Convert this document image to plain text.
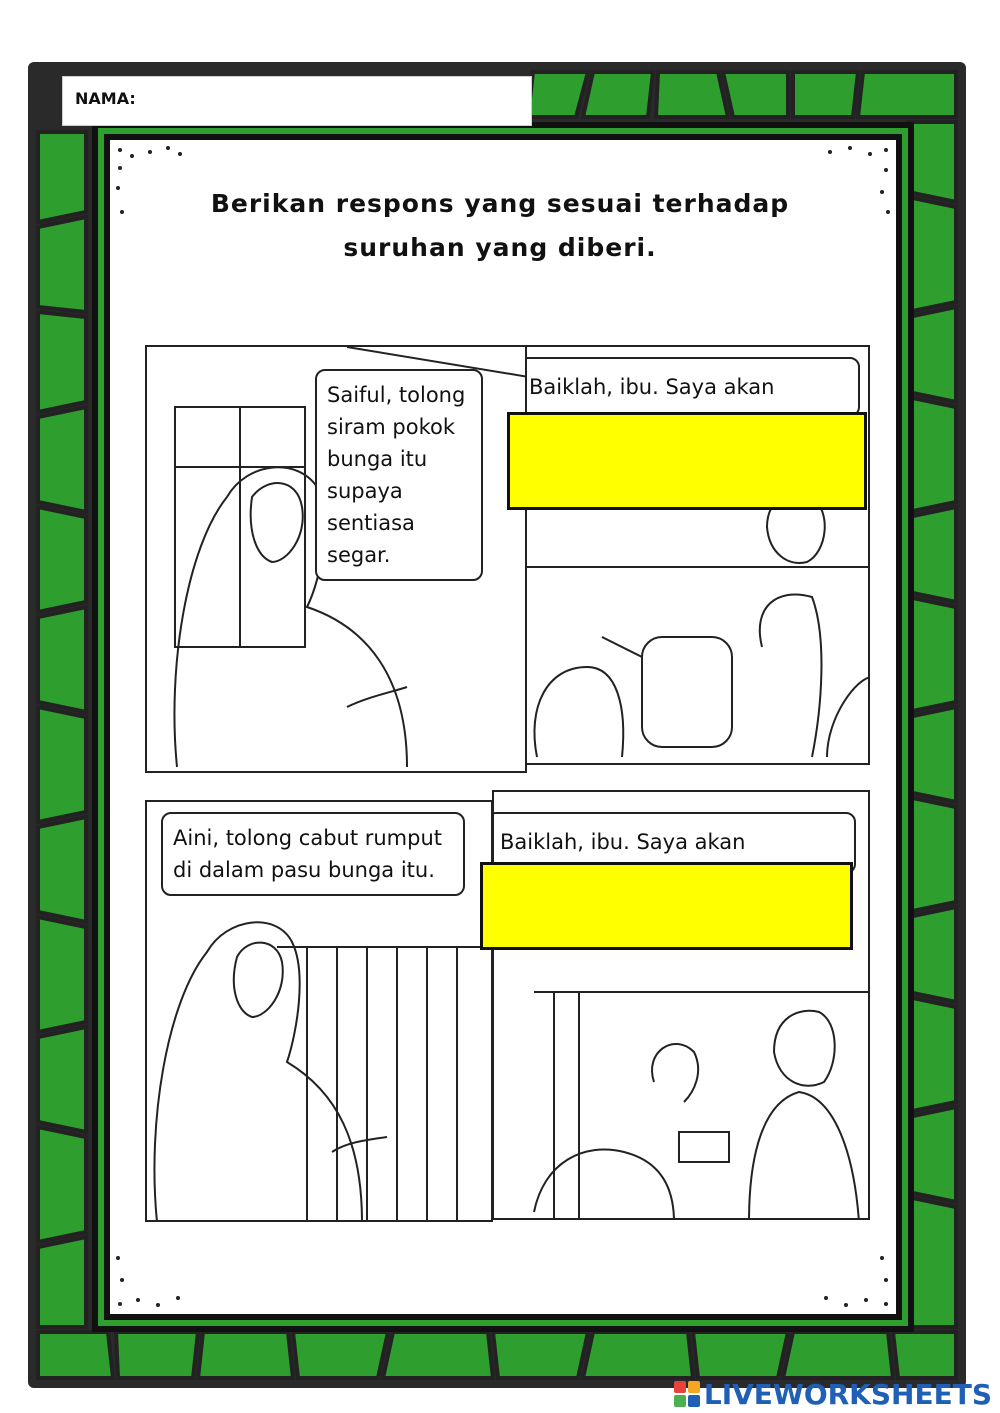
NAMA:
Berikan respons yang sesuai terhadap
suruhan yang diberi.
Saiful, tolong
siram pokok
bunga itu
supaya
sentiasa
segar.
Baiklah, ibu. Saya akan
Aini, tolong cabut rumput
di dalam pasu bunga itu.
Baiklah, ibu. Saya akan
LIVEWORKSHEETS
